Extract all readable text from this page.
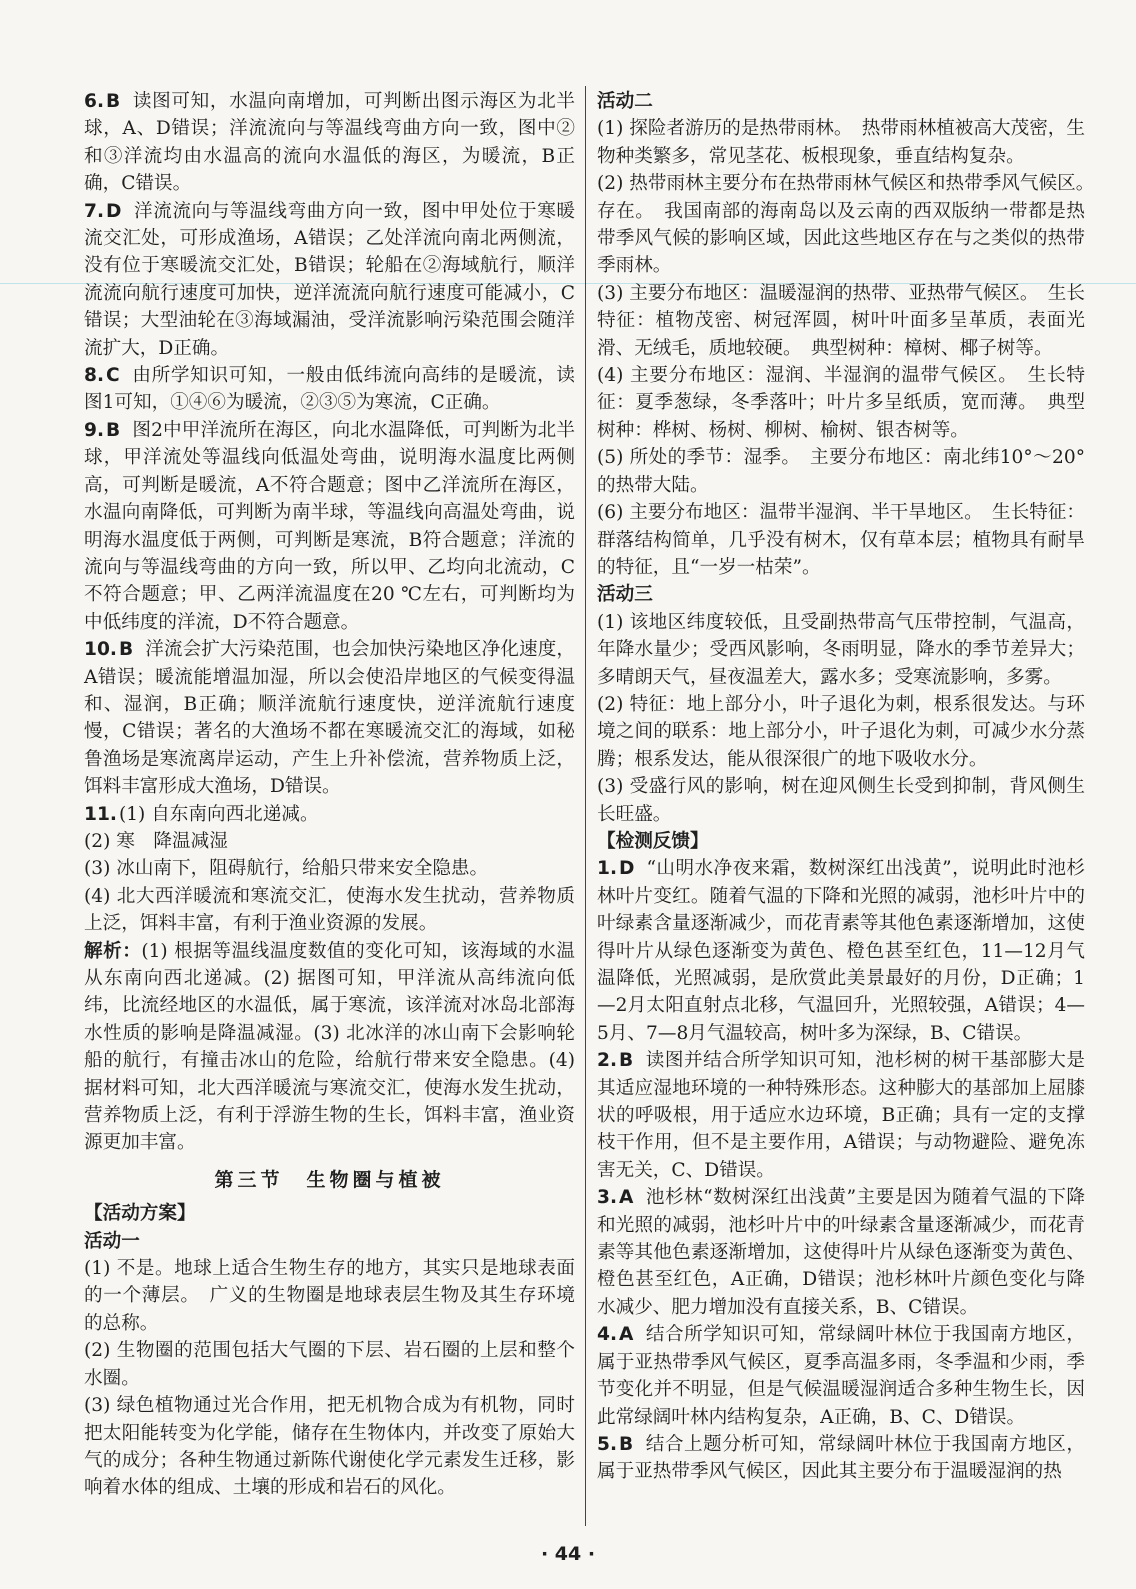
6. B 读图可知，水温向南增加，可判断出图示海区为北半球，A、D错误；洋流流向与等温线弯曲方向一致，图中②和③洋流均由水温高的流向水温低的海区，为暖流，B正确，C错误。

7. D 洋流流向与等温线弯曲方向一致，图中甲处位于寒暖流交汇处，可形成渔场，A错误；乙处洋流向南北两侧流，没有位于寒暖流交汇处，B错误；轮船在②海域航行，顺洋流流向航行速度可加快，逆洋流流向航行速度可能减小，C错误；大型油轮在③海域漏油，受洋流影响污染范围会随洋流扩大，D正确。

8. C 由所学知识可知，一般由低纬流向高纬的是暖流，读图1可知，①④⑥为暖流，②③⑤为寒流，C正确。

9. B 图2中甲洋流所在海区，向北水温降低，可判断为北半球，甲洋流处等温线向低温处弯曲，说明海水温度比两侧高，可判断是暖流，A不符合题意；图中乙洋流所在海区，水温向南降低，可判断为南半球，等温线向高温处弯曲，说明海水温度低于两侧，可判断是寒流，B符合题意；洋流的流向与等温线弯曲的方向一致，所以甲、乙均向北流动，C不符合题意；甲、乙两洋流温度在20 ℃左右，可判断均为中低纬度的洋流，D不符合题意。

10. B 洋流会扩大污染范围，也会加快污染地区净化速度，A错误；暖流能增温加湿，所以会使沿岸地区的气候变得温和、湿润，B正确；顺洋流航行速度快，逆洋流航行速度慢，C错误；著名的大渔场不都在寒暖流交汇的海域，如秘鲁渔场是寒流离岸运动，产生上升补偿流，营养物质上泛，饵料丰富形成大渔场，D错误。

11. (1) 自东南向西北递减。

(2) 寒　降温减湿

(3) 冰山南下，阻碍航行，给船只带来安全隐患。

(4) 北大西洋暖流和寒流交汇，使海水发生扰动，营养物质上泛，饵料丰富，有利于渔业资源的发展。

解析：(1) 根据等温线温度数值的变化可知，该海域的水温从东南向西北递减。(2) 据图可知，甲洋流从高纬流向低纬，比流经地区的水温低，属于寒流，该洋流对冰岛北部海水性质的影响是降温减湿。(3) 北冰洋的冰山南下会影响轮船的航行，有撞击冰山的危险，给航行带来安全隐患。(4) 据材料可知，北大西洋暖流与寒流交汇，使海水发生扰动，营养物质上泛，有利于浮游生物的生长，饵料丰富，渔业资源更加丰富。

第三节　生物圈与植被

【活动方案】

活动一

(1) 不是。地球上适合生物生存的地方，其实只是地球表面的一个薄层。　广义的生物圈是地球表层生物及其生存环境的总称。

(2) 生物圈的范围包括大气圈的下层、岩石圈的上层和整个水圈。

(3) 绿色植物通过光合作用，把无机物合成为有机物，同时把太阳能转变为化学能，储存在生物体内，并改变了原始大气的成分；各种生物通过新陈代谢使化学元素发生迁移，影响着水体的组成、土壤的形成和岩石的风化。

活动二

(1) 探险者游历的是热带雨林。　热带雨林植被高大茂密，生物种类繁多，常见茎花、板根现象，垂直结构复杂。

(2) 热带雨林主要分布在热带雨林气候区和热带季风气候区。　存在。　我国南部的海南岛以及云南的西双版纳一带都是热带季风气候的影响区域，因此这些地区存在与之类似的热带季雨林。

(3) 主要分布地区：温暖湿润的热带、亚热带气候区。　生长特征：植物茂密、树冠浑圆，树叶叶面多呈革质，表面光滑、无绒毛，质地较硬。　典型树种：樟树、椰子树等。

(4) 主要分布地区：湿润、半湿润的温带气候区。　生长特征：夏季葱绿，冬季落叶；叶片多呈纸质，宽而薄。　典型树种：桦树、杨树、柳树、榆树、银杏树等。

(5) 所处的季节：湿季。　主要分布地区：南北纬10°～20°的热带大陆。

(6) 主要分布地区：温带半湿润、半干旱地区。　生长特征：群落结构简单，几乎没有树木，仅有草本层；植物具有耐旱的特征，且“一岁一枯荣”。

活动三

(1) 该地区纬度较低，且受副热带高气压带控制，气温高，年降水量少；受西风影响，冬雨明显，降水的季节差异大；多晴朗天气，昼夜温差大，露水多；受寒流影响，多雾。

(2) 特征：地上部分小，叶子退化为刺，根系很发达。与环境之间的联系：地上部分小，叶子退化为刺，可减少水分蒸腾；根系发达，能从很深很广的地下吸收水分。

(3) 受盛行风的影响，树在迎风侧生长受到抑制，背风侧生长旺盛。

【检测反馈】

1. D “山明水净夜来霜，数树深红出浅黄”，说明此时池杉林叶片变红。随着气温的下降和光照的减弱，池杉叶片中的叶绿素含量逐渐减少，而花青素等其他色素逐渐增加，这使得叶片从绿色逐渐变为黄色、橙色甚至红色，11—12月气温降低，光照减弱，是欣赏此美景最好的月份，D正确；1—2月太阳直射点北移，气温回升，光照较强，A错误；4—5月、7—8月气温较高，树叶多为深绿，B、C错误。

2. B 读图并结合所学知识可知，池杉树的树干基部膨大是其适应湿地环境的一种特殊形态。这种膨大的基部加上屈膝状的呼吸根，用于适应水边环境，B正确；具有一定的支撑枝干作用，但不是主要作用，A错误；与动物避险、避免冻害无关，C、D错误。

3. A 池杉林“数树深红出浅黄”主要是因为随着气温的下降和光照的减弱，池杉叶片中的叶绿素含量逐渐减少，而花青素等其他色素逐渐增加，这使得叶片从绿色逐渐变为黄色、橙色甚至红色，A正确，D错误；池杉林叶片颜色变化与降水减少、肥力增加没有直接关系，B、C错误。

4. A 结合所学知识可知，常绿阔叶林位于我国南方地区，属于亚热带季风气候区，夏季高温多雨，冬季温和少雨，季节变化并不明显，但是气候温暖湿润适合多种生物生长，因此常绿阔叶林内结构复杂，A正确，B、C、D错误。

5. B 结合上题分析可知，常绿阔叶林位于我国南方地区，属于亚热带季风气候区，因此其主要分布于温暖湿润的热

· 44 ·
